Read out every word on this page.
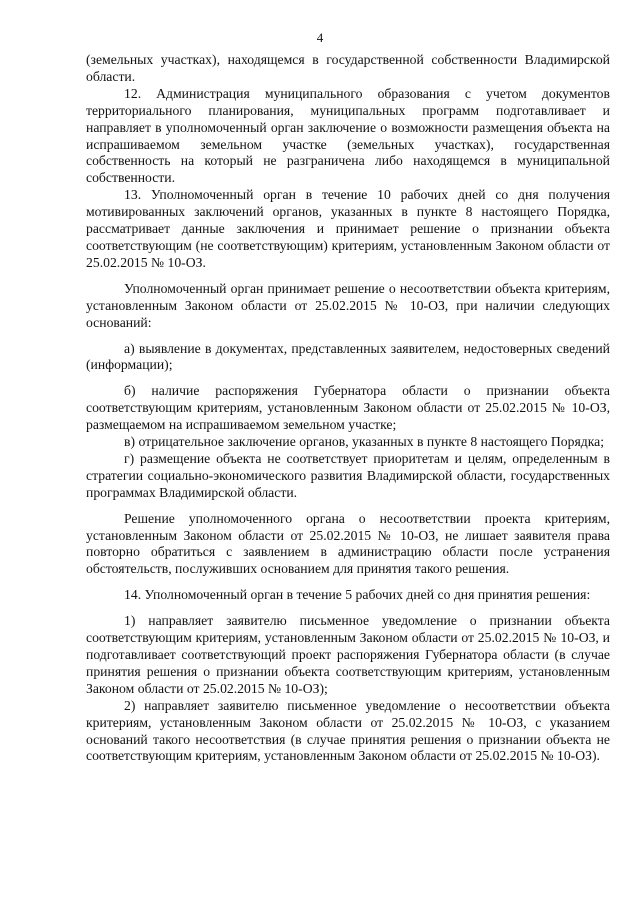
4

(земельных участках), находящемся в государственной собственности Владимирской области.

12. Администрация муниципального образования с учетом документов территориального планирования, муниципальных программ подготавливает и направляет в уполномоченный орган заключение о возможности размещения объекта на испрашиваемом земельном участке (земельных участках), государственная собственность на который не разграничена либо находящемся в муниципальной собственности.

13. Уполномоченный орган в течение 10 рабочих дней со дня получения мотивированных заключений органов, указанных в пункте 8 настоящего Порядка, рассматривает данные заключения и принимает решение о признании объекта соответствующим (не соответствующим) критериям, установленным Законом области от 25.02.2015 № 10-ОЗ.

Уполномоченный орган принимает решение о несоответствии объекта критериям, установленным Законом области от 25.02.2015 № 10-ОЗ, при наличии следующих оснований:

а) выявление в документах, представленных заявителем, недостоверных сведений (информации);

б) наличие распоряжения Губернатора области о признании объекта соответствующим критериям, установленным Законом области от 25.02.2015 № 10-ОЗ, размещаемом на испрашиваемом земельном участке;

в) отрицательное заключение органов, указанных в пункте 8 настоящего Порядка;

г) размещение объекта не соответствует приоритетам и целям, определенным в стратегии социально-экономического развития Владимирской области, государственных программах Владимирской области.

Решение уполномоченного органа о несоответствии проекта критериям, установленным Законом области от 25.02.2015 № 10-ОЗ, не лишает заявителя права повторно обратиться с заявлением в администрацию области после устранения обстоятельств, послуживших основанием для принятия такого решения.

14. Уполномоченный орган в течение 5 рабочих дней со дня принятия решения:

1) направляет заявителю письменное уведомление о признании объекта соответствующим критериям, установленным Законом области от 25.02.2015 № 10-ОЗ, и подготавливает соответствующий проект распоряжения Губернатора области (в случае принятия решения о признании объекта соответствующим критериям, установленным Законом области от 25.02.2015 № 10-ОЗ);

2) направляет заявителю письменное уведомление о несоответствии объекта критериям, установленным Законом области от 25.02.2015 № 10-ОЗ, с указанием оснований такого несоответствия (в случае принятия решения о признании объекта не соответствующим критериям, установленным Законом области от 25.02.2015 № 10-ОЗ).
